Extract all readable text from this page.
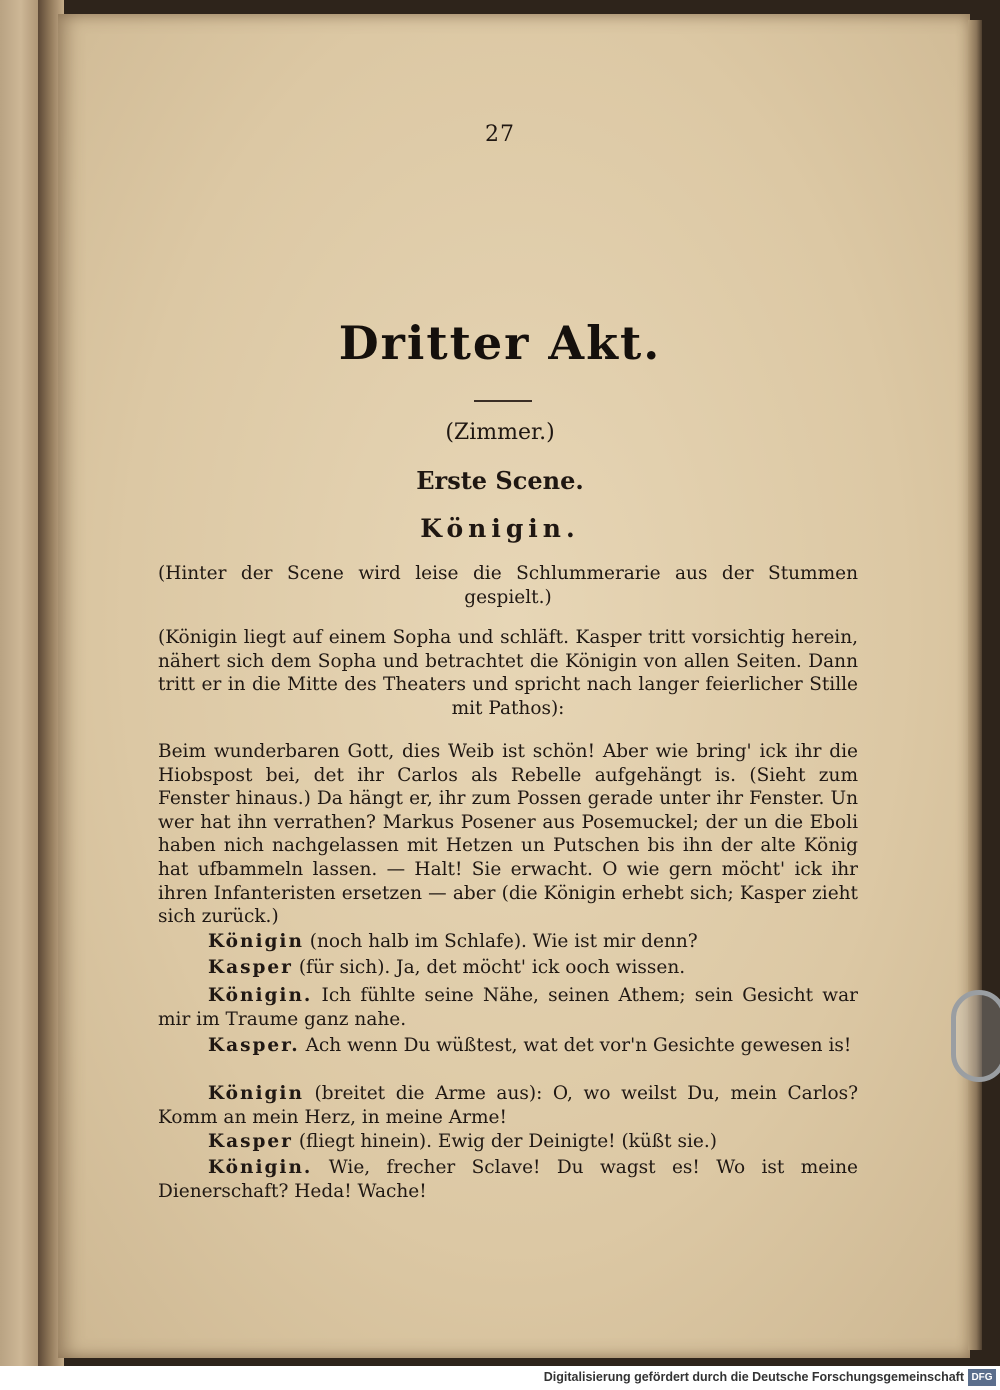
27
Dritter Akt.
(Zimmer.)
Erste Scene.
Königin.
(Hinter der Scene wird leise die Schlummerarie aus der Stummen gespielt.)
(Königin liegt auf einem Sopha und schläft. Kasper tritt vorsichtig herein, nähert sich dem Sopha und betrachtet die Königin von allen Seiten. Dann tritt er in die Mitte des Theaters und spricht nach langer feierlicher Stille mit Pathos):
Beim wunderbaren Gott, dies Weib ist schön! Aber wie bring' ick ihr die Hiobspost bei, det ihr Carlos als Rebelle aufgehängt is. (Sieht zum Fenster hinaus.) Da hängt er, ihr zum Possen gerade unter ihr Fenster. Un wer hat ihn verrathen? Markus Posener aus Posemuckel; der un die Eboli haben nich nachgelassen mit Hetzen un Putschen bis ihn der alte König hat ufbammeln lassen. — Halt! Sie erwacht. O wie gern möcht' ick ihr ihren Infanteristen ersetzen — aber (die Königin erhebt sich; Kasper zieht sich zurück.)
Königin (noch halb im Schlafe). Wie ist mir denn?
Kasper (für sich). Ja, det möcht' ick ooch wissen.
Königin. Ich fühlte seine Nähe, seinen Athem; sein Gesicht war mir im Traume ganz nahe.
Kasper. Ach wenn Du wüßtest, wat det vor'n Gesichte gewesen is!
Königin (breitet die Arme aus): O, wo weilst Du, mein Carlos? Komm an mein Herz, in meine Arme!
Kasper (fliegt hinein). Ewig der Deinigte! (küßt sie.)
Königin. Wie, frecher Sclave! Du wagst es! Wo ist meine Dienerschaft? Heda! Wache!
Digitalisierung gefördert durch die Deutsche Forschungsgemeinschaft DFG
